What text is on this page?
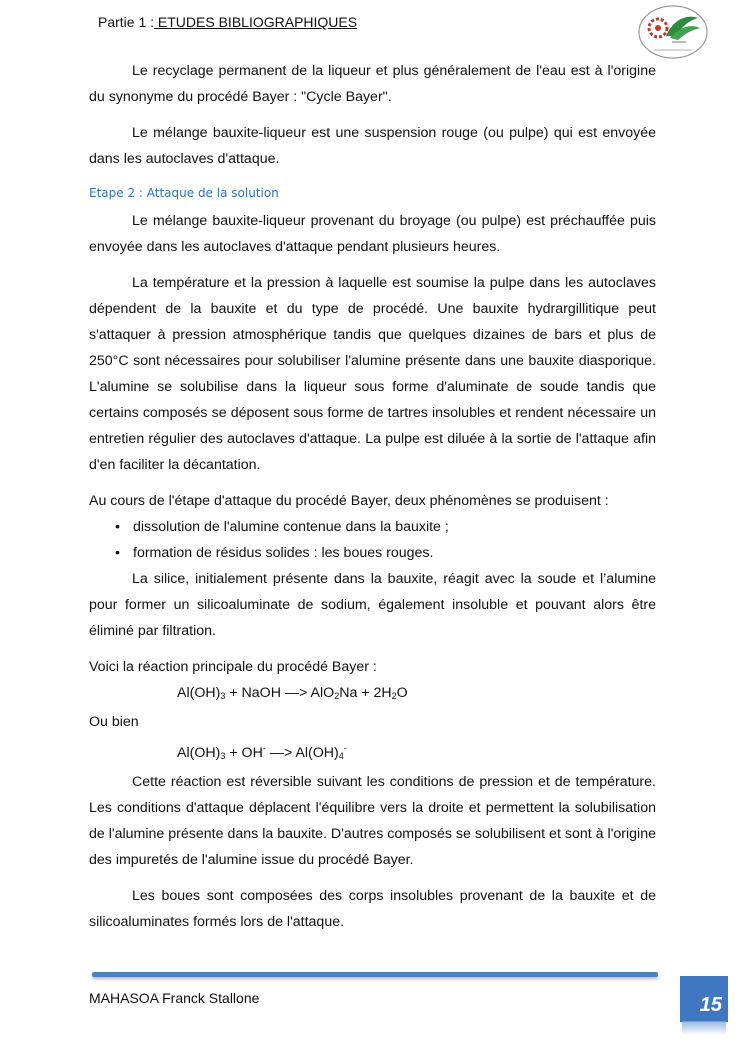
Partie 1 : ETUDES BIBLIOGRAPHIQUES

Le recyclage permanent de la liqueur et plus généralement de l'eau est à l'origine du synonyme du procédé Bayer : "Cycle Bayer".

Le mélange bauxite-liqueur est une suspension rouge (ou pulpe) qui est envoyée dans les autoclaves d'attaque.

Etape 2 : Attaque de la solution

Le mélange bauxite-liqueur provenant du broyage (ou pulpe) est préchauffée puis envoyée dans les autoclaves d'attaque pendant plusieurs heures.

La température et la pression à laquelle est soumise la pulpe dans les autoclaves dépendent de la bauxite et du type de procédé. Une bauxite hydrargillitique peut s'attaquer à pression atmosphérique tandis que quelques dizaines de bars et plus de 250°C sont nécessaires pour solubiliser l'alumine présente dans une bauxite diasporique. L'alumine se solubilise dans la liqueur sous forme d'aluminate de soude tandis que certains composés se déposent sous forme de tartres insolubles et rendent nécessaire un entretien régulier des autoclaves d'attaque. La pulpe est diluée à la sortie de l'attaque afin d'en faciliter la décantation.

Au cours de l'étape d'attaque du procédé Bayer, deux phénomènes se produisent :

• dissolution de l'alumine contenue dans la bauxite ;
• formation de résidus solides : les boues rouges.

La silice, initialement présente dans la bauxite, réagit avec la soude et l’alumine pour former un silicoaluminate de sodium, également insoluble et pouvant alors être éliminé par filtration.

Voici la réaction principale du procédé Bayer :

$Al(OH)_3$ + NaOH —> $AlO_2Na + 2H_2O$
Ou bien
$Al(OH)_3 + OH^-$ —> $Al(OH)_4^-$

Cette réaction est réversible suivant les conditions de pression et de température. Les conditions d'attaque déplacent l'équilibre vers la droite et permettent la solubilisation de l'alumine présente dans la bauxite. D'autres composés se solubilisent et sont à l'origine des impuretés de l'alumine issue du procédé Bayer.

Les boues sont composées des corps insolubles provenant de la bauxite et de silicoaluminates formés lors de l'attaque.

MAHASOA Franck Stallone	15
